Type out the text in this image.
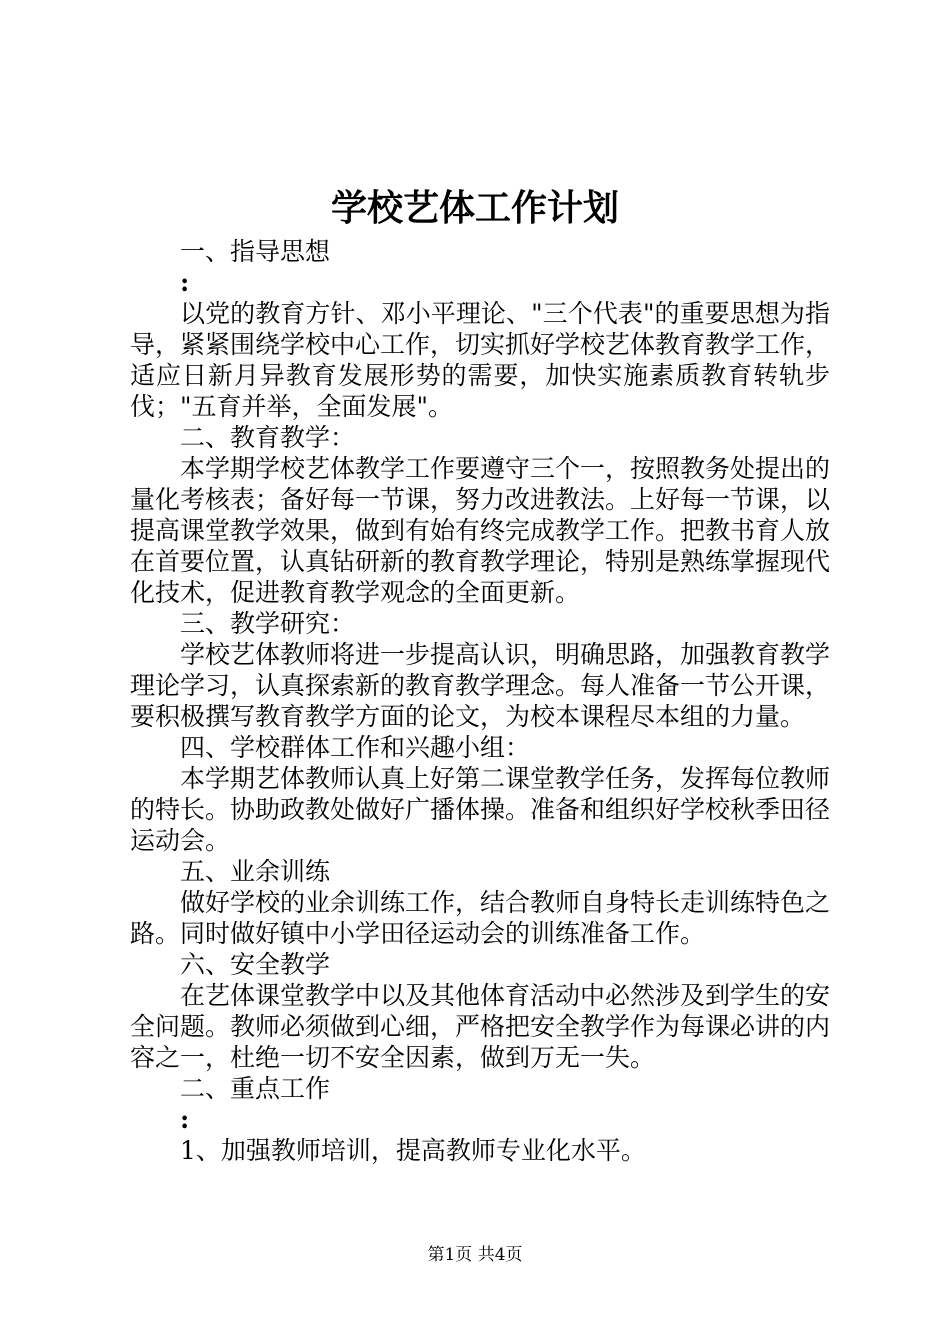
学校艺体工作计划

一、指导思想

:

以党的教育方针、邓小平理论、"三个代表"的重要思想为指导，紧紧围绕学校中心工作，切实抓好学校艺体教育教学工作，适应日新月异教育发展形势的需要，加快实施素质教育转轨步伐；"五育并举，全面发展"。

二、教育教学：

本学期学校艺体教学工作要遵守三个一，按照教务处提出的量化考核表；备好每一节课，努力改进教法。上好每一节课，以提高课堂教学效果，做到有始有终完成教学工作。把教书育人放在首要位置，认真钻研新的教育教学理论，特别是熟练掌握现代化技术，促进教育教学观念的全面更新。

三、教学研究：

学校艺体教师将进一步提高认识，明确思路，加强教育教学理论学习，认真探索新的教育教学理念。每人准备一节公开课，要积极撰写教育教学方面的论文，为校本课程尽本组的力量。

四、学校群体工作和兴趣小组：

本学期艺体教师认真上好第二课堂教学任务，发挥每位教师的特长。协助政教处做好广播体操。准备和组织好学校秋季田径运动会。

五、业余训练

做好学校的业余训练工作，结合教师自身特长走训练特色之路。同时做好镇中小学田径运动会的训练准备工作。

六、安全教学

在艺体课堂教学中以及其他体育活动中必然涉及到学生的安全问题。教师必须做到心细，严格把安全教学作为每课必讲的内容之一，杜绝一切不安全因素，做到万无一失。

二、重点工作

:

1、加强教师培训，提高教师专业化水平。

第1页 共4页
